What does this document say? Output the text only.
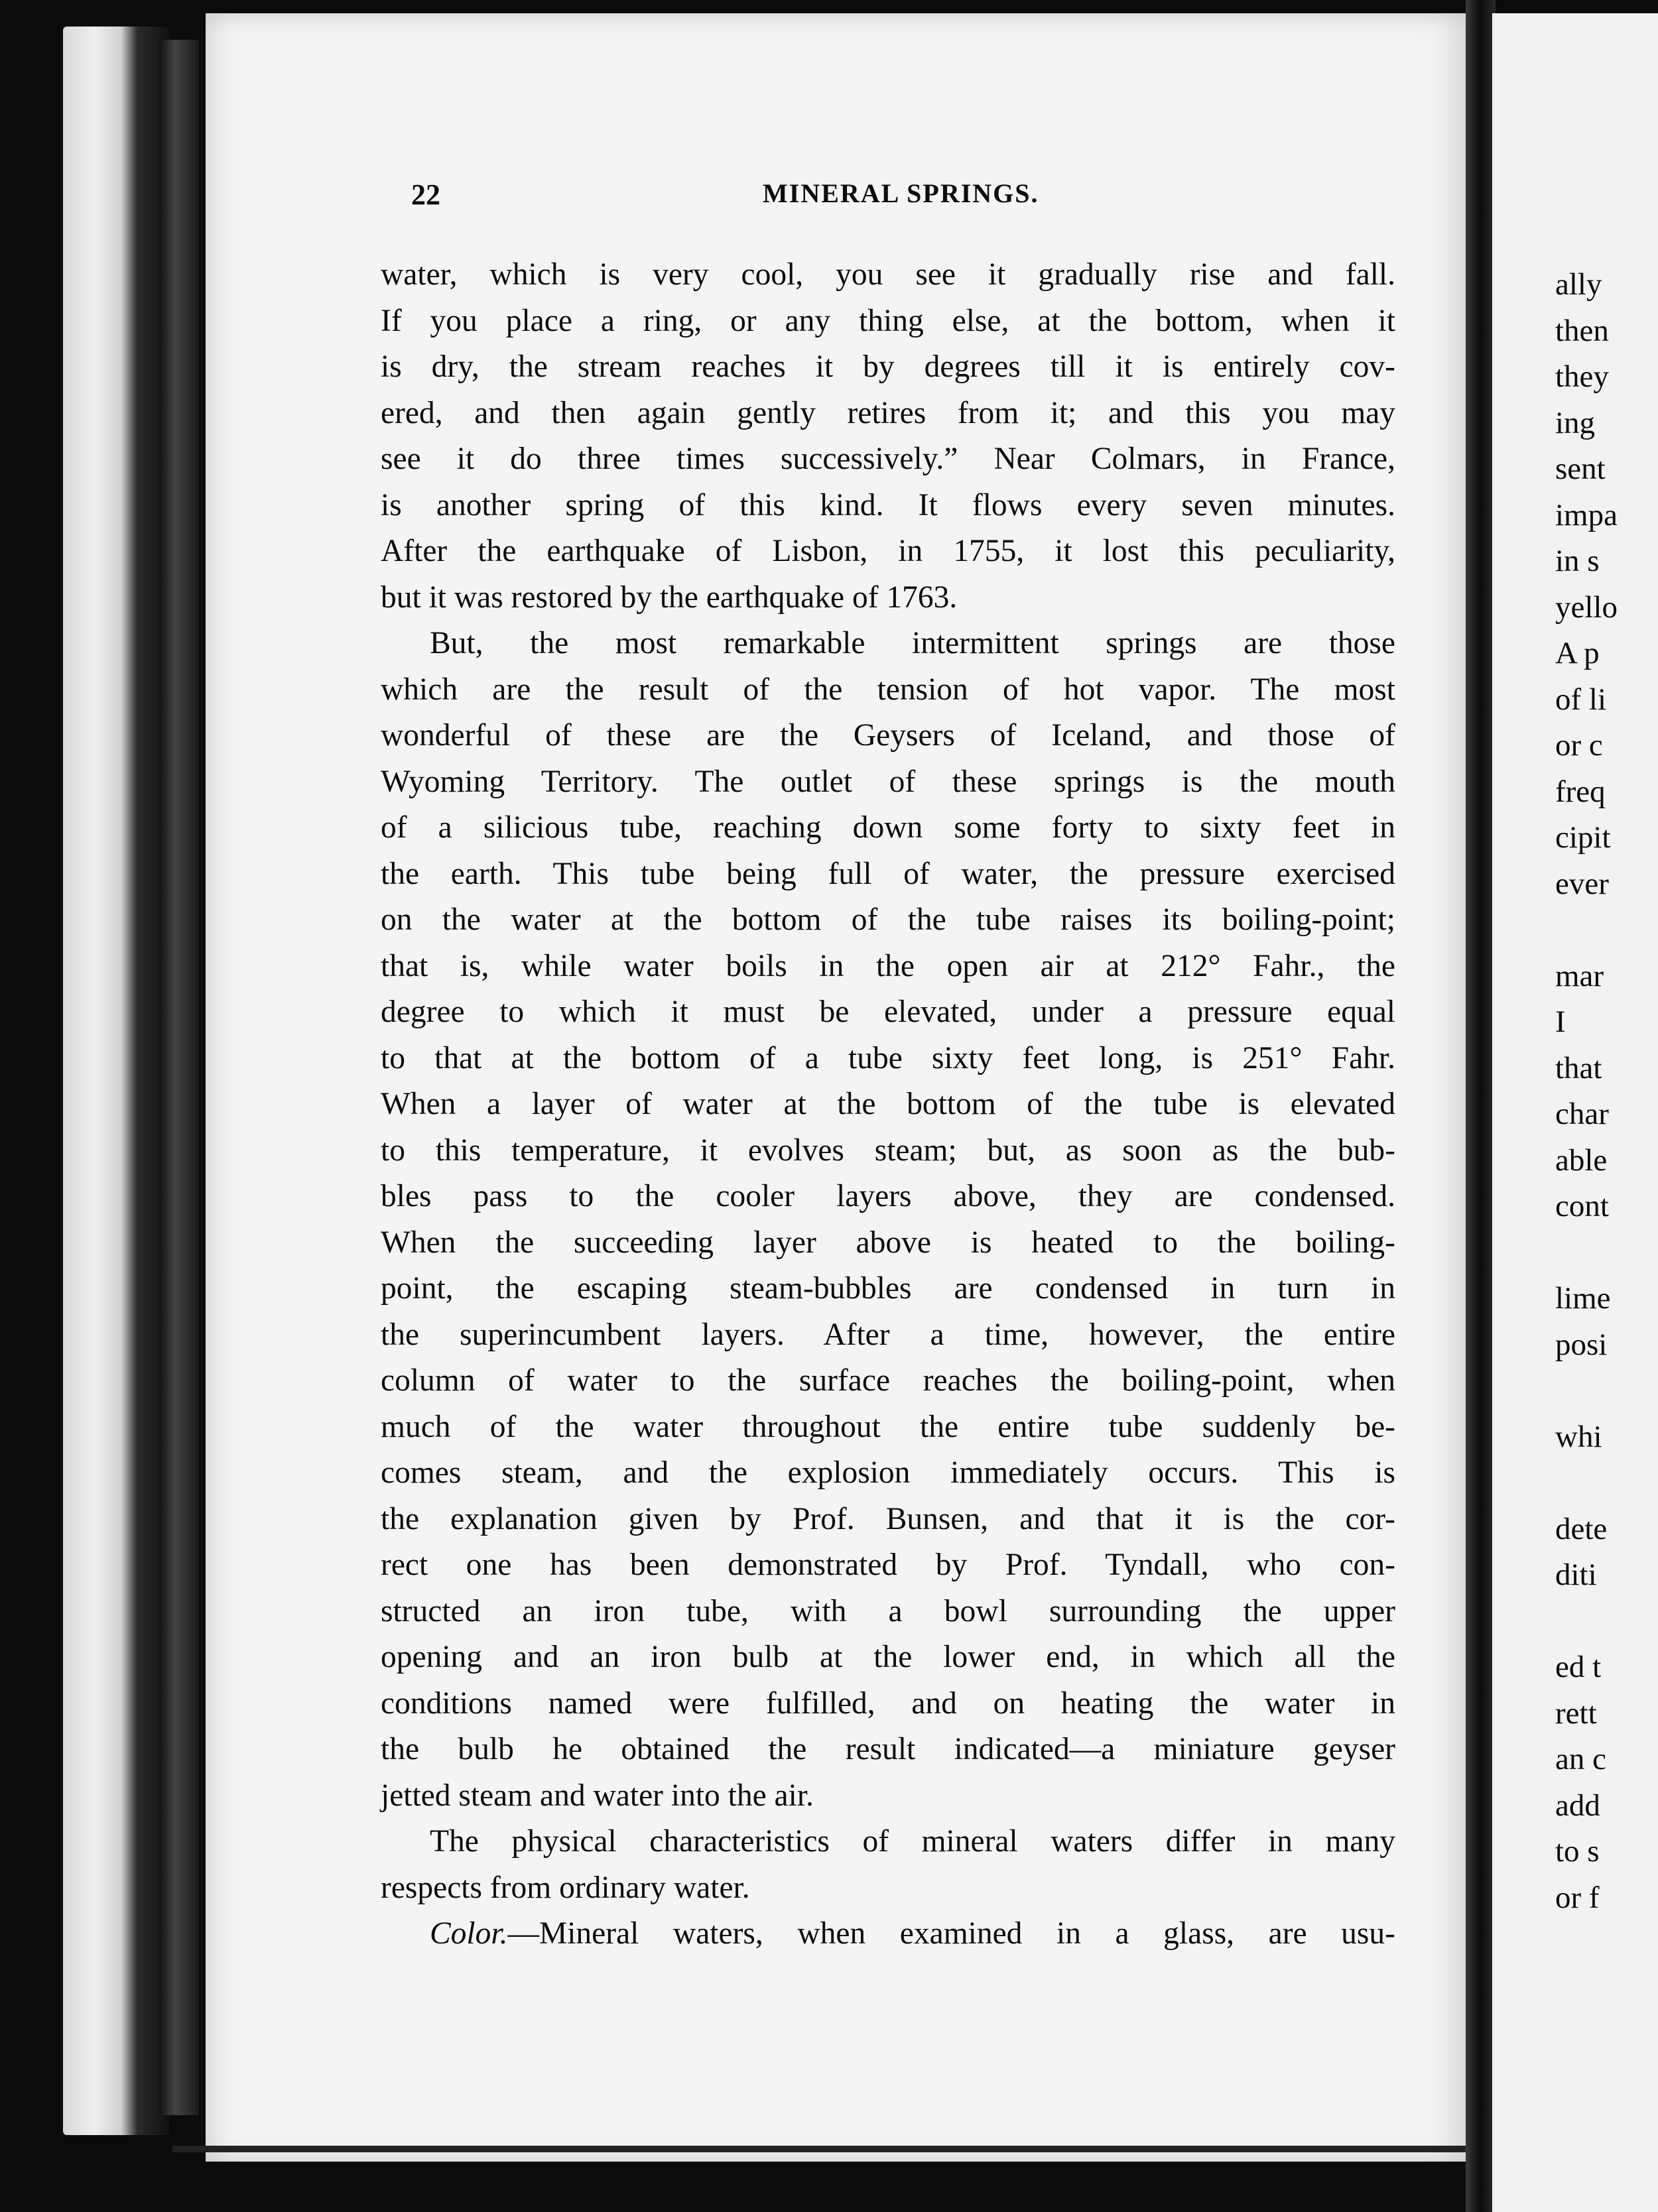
22	MINERAL SPRINGS.
water, which is very cool, you see it gradually rise and fall.
If you place a ring, or any thing else, at the bottom, when it
is dry, the stream reaches it by degrees till it is entirely cov-
ered, and then again gently retires from it; and this you may
see it do three times successively.” Near Colmars, in France,
is another spring of this kind. It flows every seven minutes.
After the earthquake of Lisbon, in 1755, it lost this peculiarity,
but it was restored by the earthquake of 1763.
But, the most remarkable intermittent springs are those
which are the result of the tension of hot vapor. The most
wonderful of these are the Geysers of Iceland, and those of
Wyoming Territory. The outlet of these springs is the mouth
of a silicious tube, reaching down some forty to sixty feet in
the earth. This tube being full of water, the pressure exercised
on the water at the bottom of the tube raises its boiling-point;
that is, while water boils in the open air at 212° Fahr., the
degree to which it must be elevated, under a pressure equal
to that at the bottom of a tube sixty feet long, is 251° Fahr.
When a layer of water at the bottom of the tube is elevated
to this temperature, it evolves steam; but, as soon as the bub-
bles pass to the cooler layers above, they are condensed.
When the succeeding layer above is heated to the boiling-
point, the escaping steam-bubbles are condensed in turn in
the superincumbent layers. After a time, however, the entire
column of water to the surface reaches the boiling-point, when
much of the water throughout the entire tube suddenly be-
comes steam, and the explosion immediately occurs. This is
the explanation given by Prof. Bunsen, and that it is the cor-
rect one has been demonstrated by Prof. Tyndall, who con-
structed an iron tube, with a bowl surrounding the upper
opening and an iron bulb at the lower end, in which all the
conditions named were fulfilled, and on heating the water in
the bulb he obtained the result indicated—a miniature geyser
jetted steam and water into the air.
The physical characteristics of mineral waters differ in many
respects from ordinary water.
Color.—Mineral waters, when examined in a glass, are usu-
ally
then
they
ing
sent
impa
in s
yello
A p
of li
or c
freq
cipit
ever
mar
I
that
char
able
cont
lime
posi
whi
dete
diti
ed t
rett
an c
add
to s
or f
